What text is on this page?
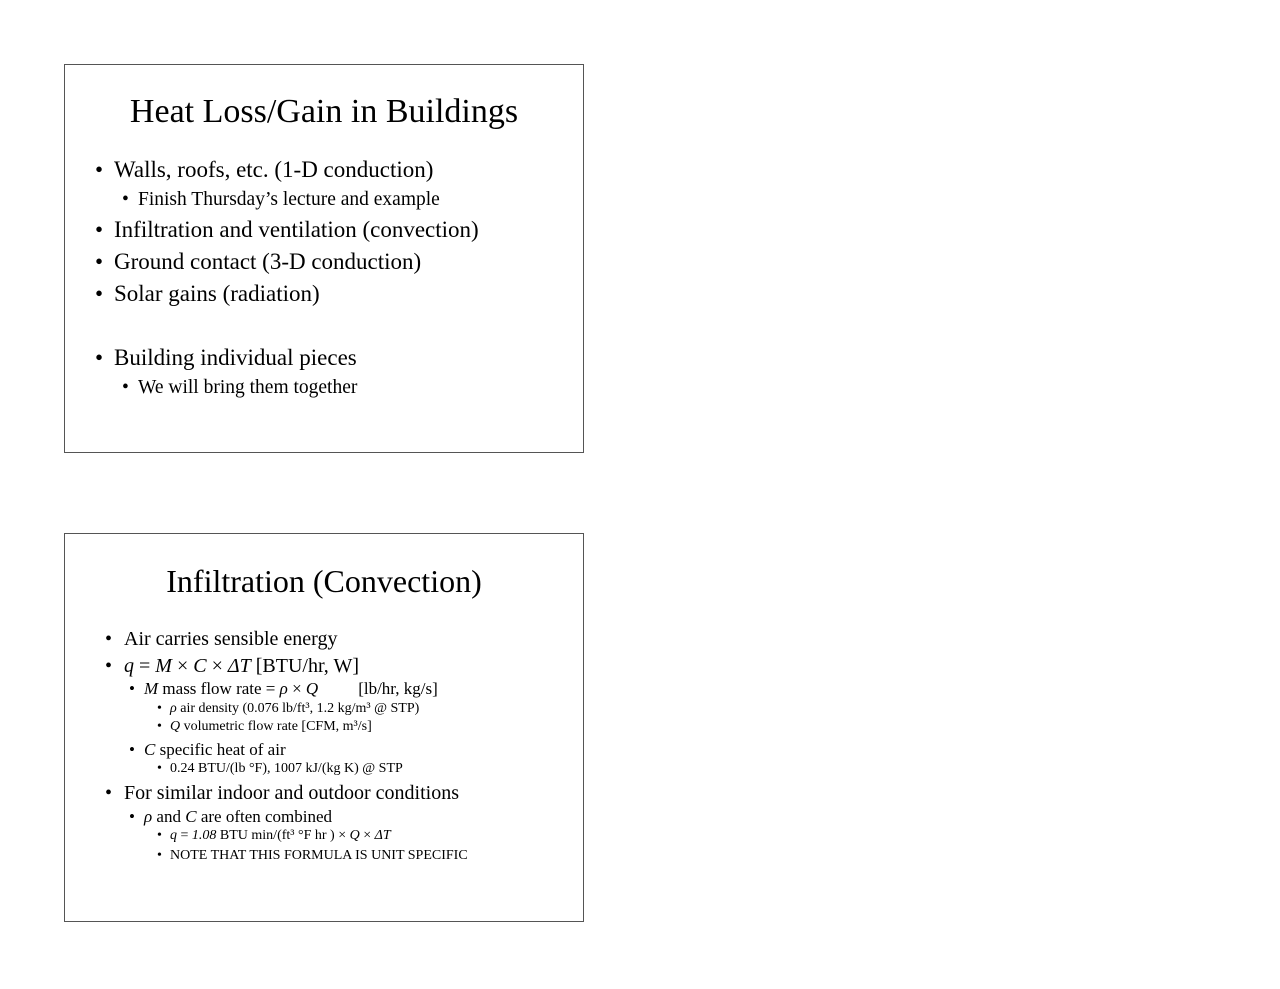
Heat Loss/Gain in Buildings
• Walls, roofs, etc. (1-D conduction)
• Finish Thursday’s lecture and example
• Infiltration and ventilation (convection)
• Ground contact (3-D conduction)
• Solar gains (radiation)
• Building individual pieces
• We will bring them together
Infiltration (Convection)
• Air carries sensible energy
• q = M × C × ΔT [BTU/hr, W]
• M mass flow rate = ρ × Q [lb/hr, kg/s]
• ρ air density (0.076 lb/ft³, 1.2 kg/m³ @ STP)
• Q volumetric flow rate [CFM, m³/s]
• C specific heat of air
• 0.24 BTU/(lb °F), 1007 kJ/(kg K) @ STP
• For similar indoor and outdoor conditions
• ρ and C are often combined
• q = 1.08 BTU min/(ft³ °F hr ) × Q × ΔT
• NOTE THAT THIS FORMULA IS UNIT SPECIFIC
